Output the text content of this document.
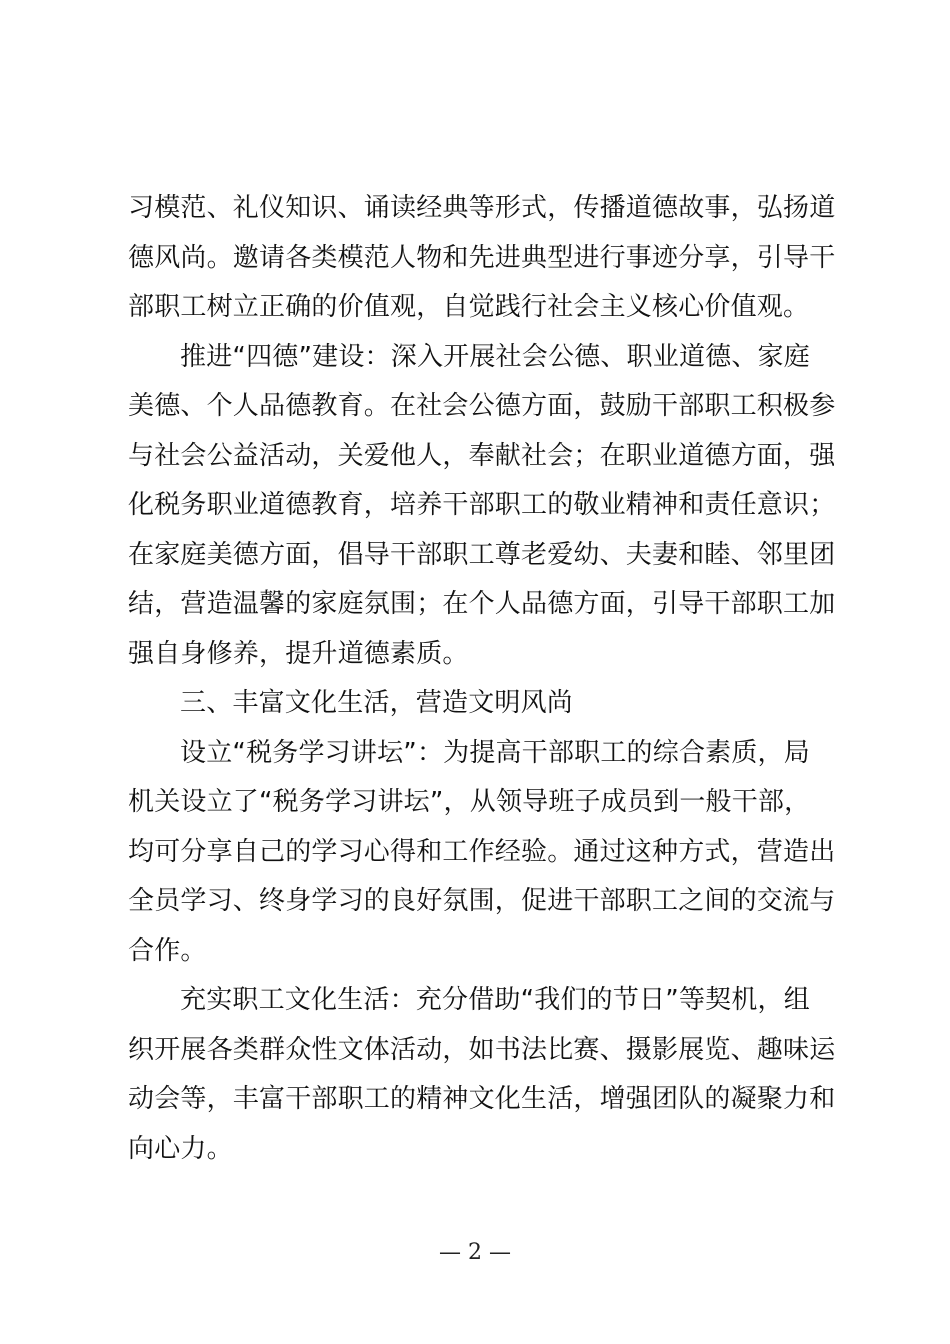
习模范、礼仪知识、诵读经典等形式，传播道德故事，弘扬道
德风尚。邀请各类模范人物和先进典型进行事迹分享，引导干
部职工树立正确的价值观，自觉践行社会主义核心价值观。
推进“四德”建设：深入开展社会公德、职业道德、家庭
美德、个人品德教育。在社会公德方面，鼓励干部职工积极参
与社会公益活动，关爱他人，奉献社会；在职业道德方面，强
化税务职业道德教育，培养干部职工的敬业精神和责任意识；
在家庭美德方面，倡导干部职工尊老爱幼、夫妻和睦、邻里团
结，营造温馨的家庭氛围；在个人品德方面，引导干部职工加
强自身修养，提升道德素质。
三、丰富文化生活，营造文明风尚
设立“税务学习讲坛”：为提高干部职工的综合素质，局
机关设立了“税务学习讲坛”，从领导班子成员到一般干部，
均可分享自己的学习心得和工作经验。通过这种方式，营造出
全员学习、终身学习的良好氛围，促进干部职工之间的交流与
合作。
充实职工文化生活：充分借助“我们的节日”等契机，组
织开展各类群众性文体活动，如书法比赛、摄影展览、趣味运
动会等，丰富干部职工的精神文化生活，增强团队的凝聚力和
向心力。
— 2 —
